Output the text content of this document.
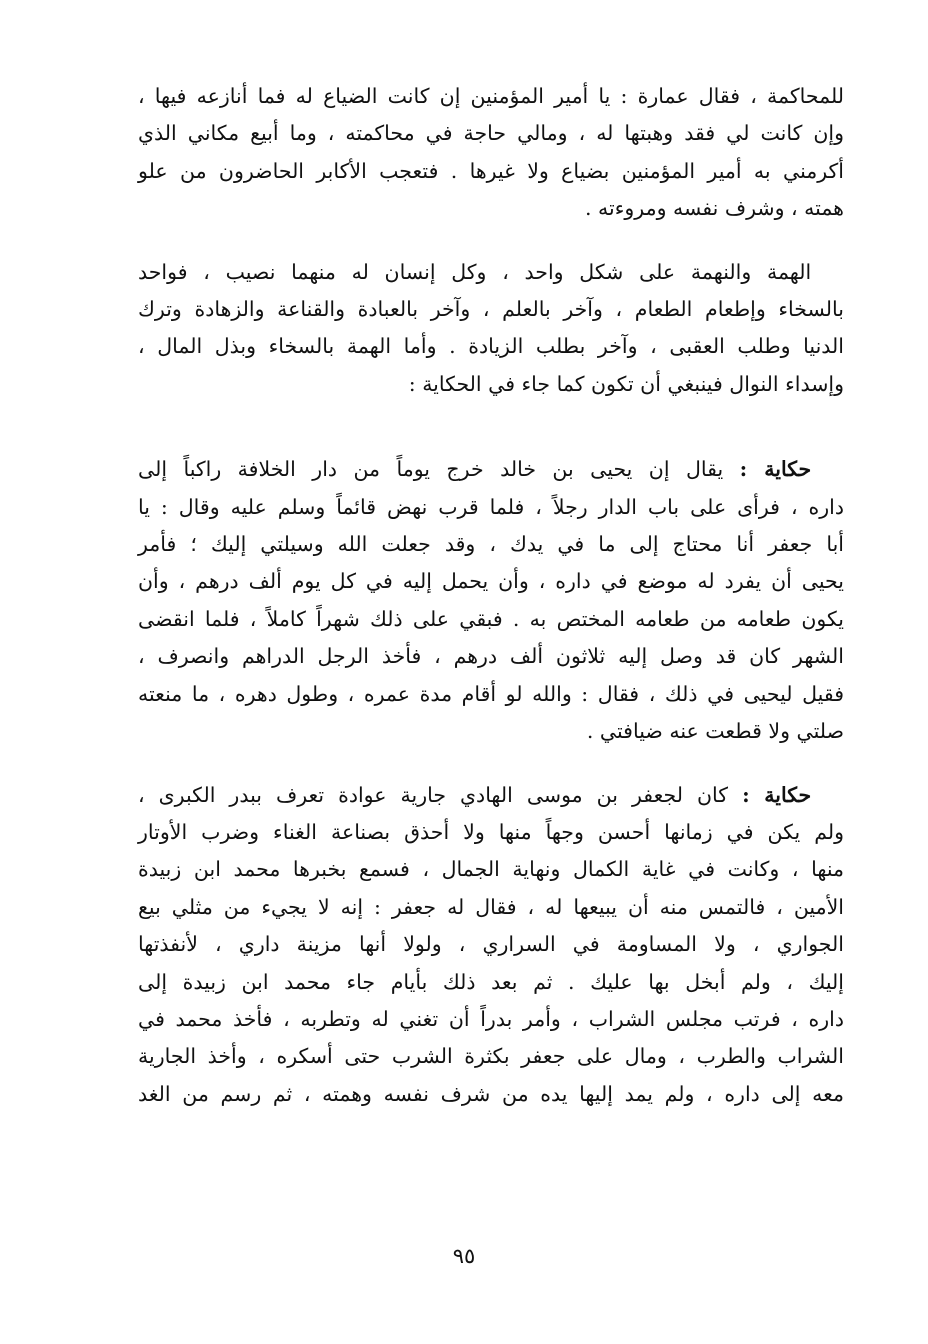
للمحاكمة ، فقال عمارة : يا أمير المؤمنين إن كانت الضياع له فما أنازعه فيها ،
وإن كانت لي فقد وهبتها له ، ومالي حاجة في محاكمته ، وما أبيع مكاني الذي
أكرمني به أمير المؤمنين بضياع ولا غيرها . فتعجب الأكابر الحاضرون من علو
همته ، وشرف نفسه ومروءته .

الهمة والنهمة على شكل واحد ، وكل إنسان له منهما نصيب ، فواحد
بالسخاء وإطعام الطعام ، وآخر بالعلم ، وآخر بالعبادة والقناعة والزهادة وترك
الدنيا وطلب العقبى ، وآخر بطلب الزيادة . وأما الهمة بالسخاء وبذل المال ،
وإسداء النوال فينبغي أن تكون كما جاء في الحكاية :

حكاية : يقال إن يحيى بن خالد خرج يوماً من دار الخلافة راكباً إلى
داره ، فرأى على باب الدار رجلاً ، فلما قرب نهض قائماً وسلم عليه وقال : يا
أبا جعفر أنا محتاج إلى ما في يدك ، وقد جعلت الله وسيلتي إليك ؛ فأمر
يحيى أن يفرد له موضع في داره ، وأن يحمل إليه في كل يوم ألف درهم ، وأن
يكون طعامه من طعامه المختص به . فبقي على ذلك شهراً كاملاً ، فلما انقضى
الشهر كان قد وصل إليه ثلاثون ألف درهم ، فأخذ الرجل الدراهم وانصرف ،
فقيل ليحيى في ذلك ، فقال : والله لو أقام مدة عمره ، وطول دهره ، ما منعته
صلتي ولا قطعت عنه ضيافتي .

حكاية : كان لجعفر بن موسى الهادي جارية عوادة تعرف ببدر الكبرى ،
ولم يكن في زمانها أحسن وجهاً منها ولا أحذق بصناعة الغناء وضرب الأوتار
منها ، وكانت في غاية الكمال ونهاية الجمال ، فسمع بخبرها محمد ابن زبيدة
الأمين ، فالتمس منه أن يبيعها له ، فقال له جعفر : إنه لا يجيء من مثلي بيع
الجواري ، ولا المساومة في السراري ، ولولا أنها مزينة داري ، لأنفذتها
إليك ، ولم أبخل بها عليك . ثم بعد ذلك بأيام جاء محمد ابن زبيدة إلى
داره ، فرتب مجلس الشراب ، وأمر بدراً أن تغني له وتطربه ، فأخذ محمد في
الشراب والطرب ، ومال على جعفر بكثرة الشرب حتى أسكره ، وأخذ الجارية
معه إلى داره ، ولم يمد إليها يده من شرف نفسه وهمته ، ثم رسم من الغد

٩٥
